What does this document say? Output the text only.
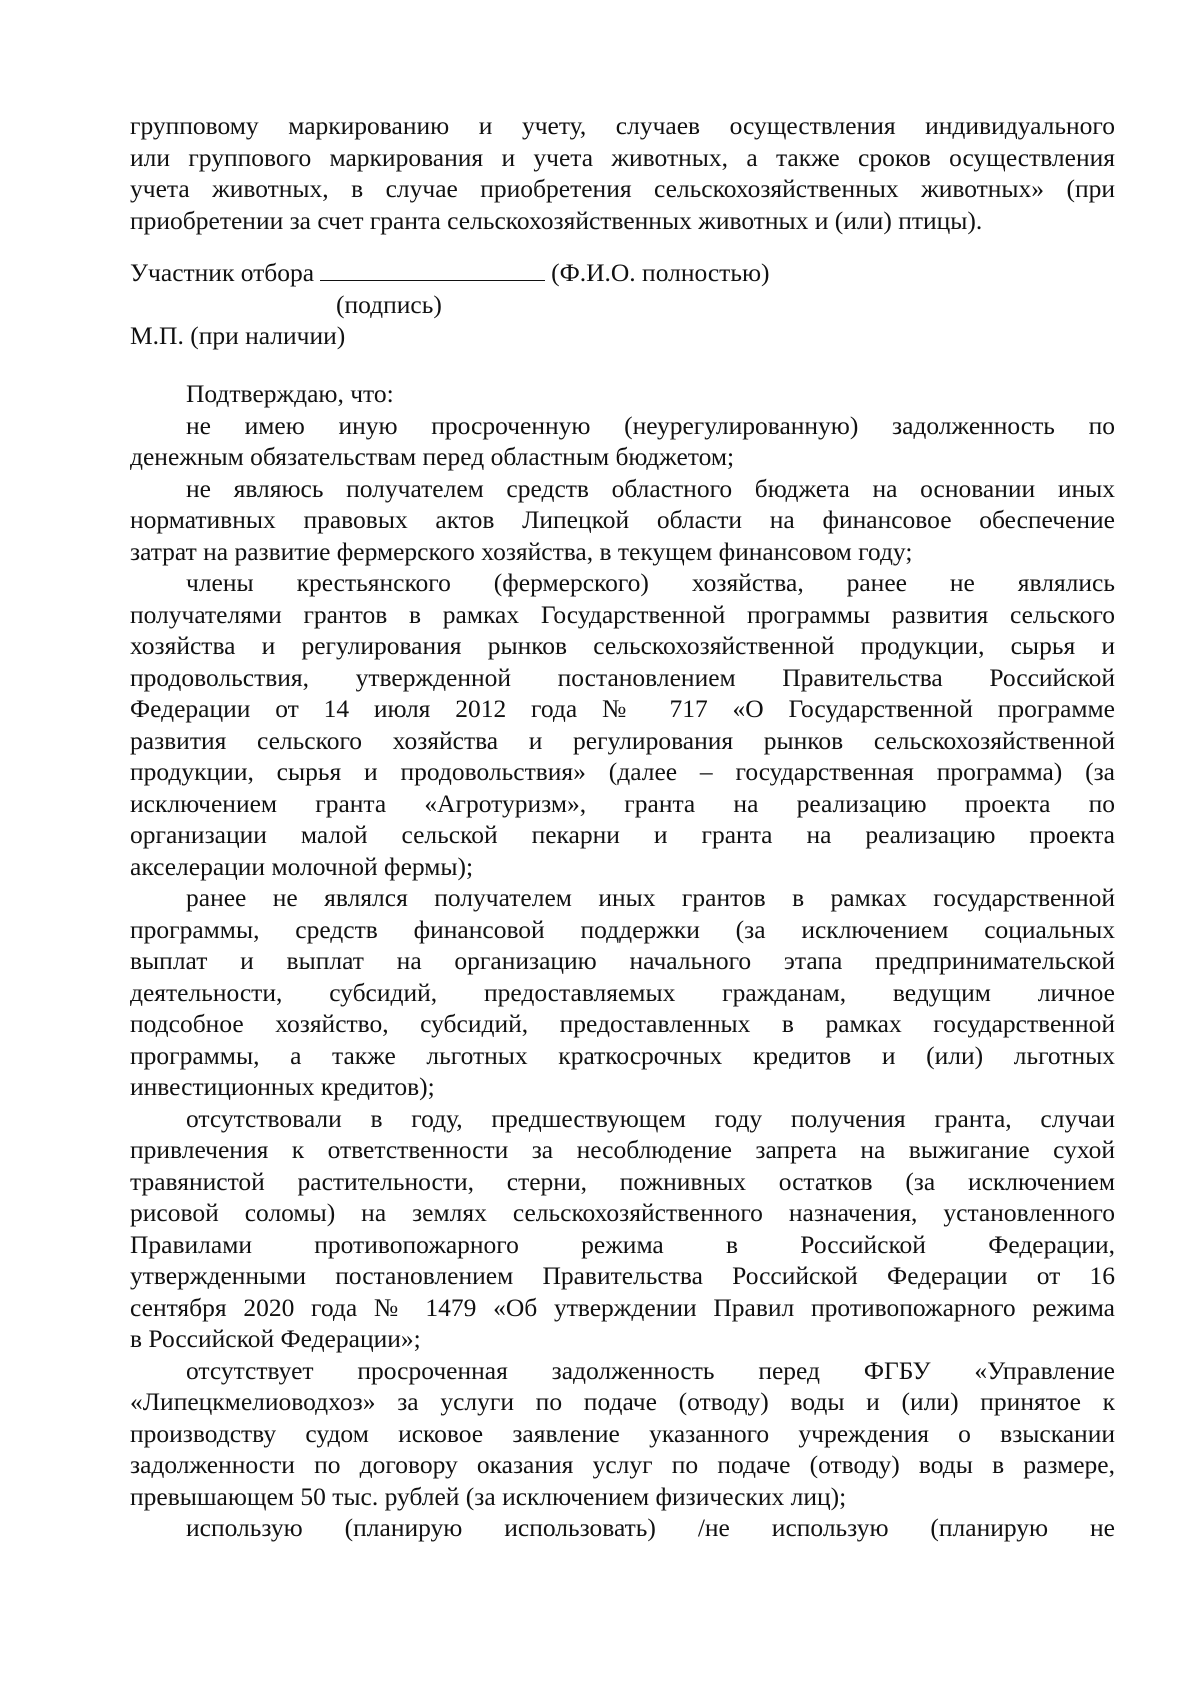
групповому маркированию и учету, случаев осуществления индивидуального
или группового маркирования и учета животных, а также сроков осуществления
учета животных, в случае приобретения сельскохозяйственных животных» (при
приобретении за счет гранта сельскохозяйственных животных и (или) птицы).
Участник отбора	(Ф.И.О. полностью)
(подпись)
М.П. (при наличии)
Подтверждаю, что:
не имею иную просроченную (неурегулированную) задолженность по
денежным обязательствам перед областным бюджетом;
не являюсь получателем средств областного бюджета на основании иных
нормативных правовых актов Липецкой области на финансовое обеспечение
затрат на развитие фермерского хозяйства, в текущем финансовом году;
члены крестьянского (фермерского) хозяйства, ранее не являлись
получателями грантов в рамках Государственной программы развития сельского
хозяйства и регулирования рынков сельскохозяйственной продукции, сырья и
продовольствия, утвержденной постановлением Правительства Российской
Федерации от 14 июля 2012 года № 717 «О Государственной программе
развития сельского хозяйства и регулирования рынков сельскохозяйственной
продукции, сырья и продовольствия» (далее – государственная программа) (за
исключением гранта «Агротуризм», гранта на реализацию проекта по
организации малой сельской пекарни и гранта на реализацию проекта
акселерации молочной фермы);
ранее не являлся получателем иных грантов в рамках государственной
программы, средств финансовой поддержки (за исключением социальных
выплат и выплат на организацию начального этапа предпринимательской
деятельности, субсидий, предоставляемых гражданам, ведущим личное
подсобное хозяйство, субсидий, предоставленных в рамках государственной
программы, а также льготных краткосрочных кредитов и (или) льготных
инвестиционных кредитов);
отсутствовали в году, предшествующем году получения гранта, случаи
привлечения к ответственности за несоблюдение запрета на выжигание сухой
травянистой растительности, стерни, пожнивных остатков (за исключением
рисовой соломы) на землях сельскохозяйственного назначения, установленного
Правилами противопожарного режима в Российской Федерации,
утвержденными постановлением Правительства Российской Федерации от 16
сентября 2020 года № 1479 «Об утверждении Правил противопожарного режима
в Российской Федерации»;
отсутствует просроченная задолженность перед ФГБУ «Управление
«Липецкмелиоводхоз» за услуги по подаче (отводу) воды и (или) принятое к
производству судом исковое заявление указанного учреждения о взыскании
задолженности по договору оказания услуг по подаче (отводу) воды в размере,
превышающем 50 тыс. рублей (за исключением физических лиц);
использую (планирую использовать) /не использую (планирую не
